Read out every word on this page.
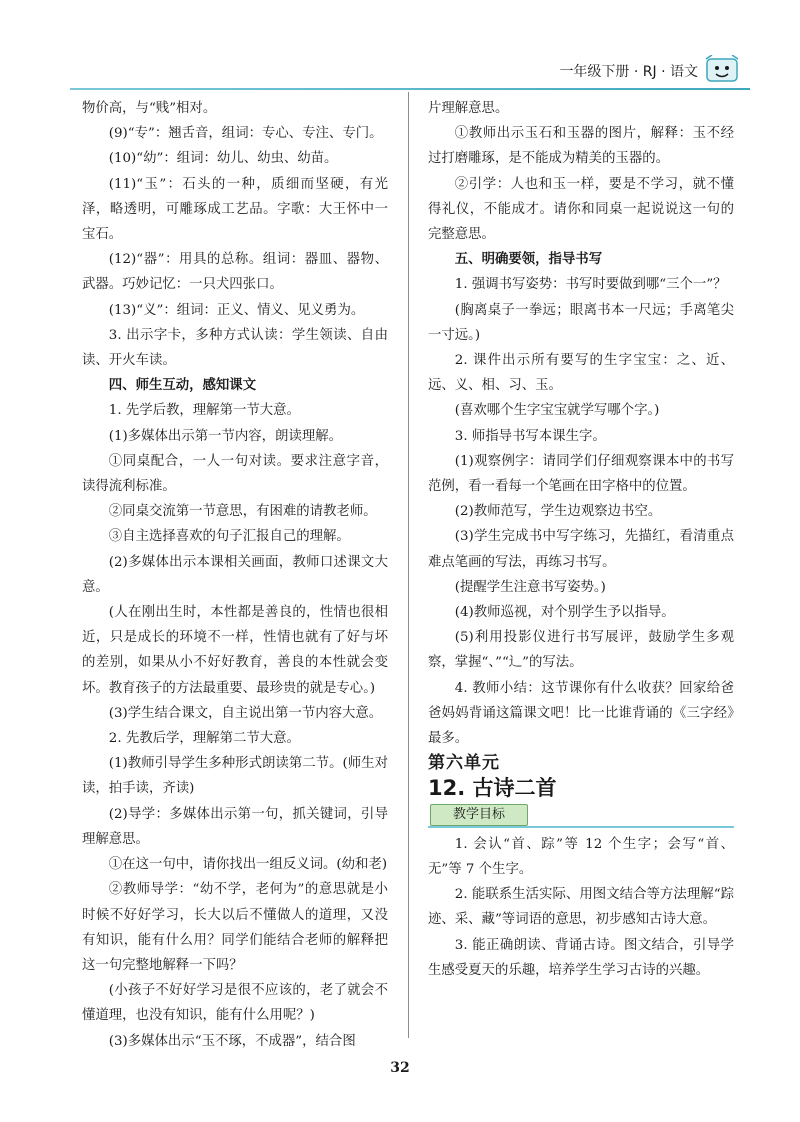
一年级下册 · RJ · 语文

物价高，与“贱”相对。

(9)“专”：翘舌音，组词：专心、专注、专门。

(10)“幼”：组词：幼儿、幼虫、幼苗。

(11)“玉”：石头的一种，质细而坚硬，有光泽，略透明，可雕琢成工艺品。字歌：大王怀中一宝石。

(12)“器”：用具的总称。组词：器皿、器物、武器。巧妙记忆：一只犬四张口。

(13)“义”：组词：正义、情义、见义勇为。

3. 出示字卡，多种方式认读：学生领读、自由读、开火车读。

四、师生互动，感知课文

1. 先学后教，理解第一节大意。

(1)多媒体出示第一节内容，朗读理解。

①同桌配合，一人一句对读。要求注意字音，读得流利标准。

②同桌交流第一节意思，有困难的请教老师。

③自主选择喜欢的句子汇报自己的理解。

(2)多媒体出示本课相关画面，教师口述课文大意。

(人在刚出生时，本性都是善良的，性情也很相近，只是成长的环境不一样，性情也就有了好与坏的差别，如果从小不好好教育，善良的本性就会变坏。教育孩子的方法最重要、最珍贵的就是专心。)

(3)学生结合课文，自主说出第一节内容大意。

2. 先教后学，理解第二节大意。

(1)教师引导学生多种形式朗读第二节。(师生对读，拍手读，齐读)

(2)导学：多媒体出示第一句，抓关键词，引导理解意思。

①在这一句中，请你找出一组反义词。(幼和老)

②教师导学：“幼不学，老何为”的意思就是小时候不好好学习，长大以后不懂做人的道理，又没有知识，能有什么用？同学们能结合老师的解释把这一句完整地解释一下吗？

(小孩子不好好学习是很不应该的，老了就会不懂道理，也没有知识，能有什么用呢？)

(3)多媒体出示“玉不琢，不成器”，结合图

片理解意思。

①教师出示玉石和玉器的图片，解释：玉不经过打磨雕琢，是不能成为精美的玉器的。

②引学：人也和玉一样，要是不学习，就不懂得礼仪，不能成才。请你和同桌一起说说这一句的完整意思。

五、明确要领，指导书写

1. 强调书写姿势：书写时要做到哪“三个一”？

(胸离桌子一拳远；眼离书本一尺远；手离笔尖一寸远。)

2. 课件出示所有要写的生字宝宝：之、近、远、义、相、习、玉。

(喜欢哪个生字宝宝就学写哪个字。)

3. 师指导书写本课生字。

(1)观察例字：请同学们仔细观察课本中的书写范例，看一看每一个笔画在田字格中的位置。

(2)教师范写，学生边观察边书空。

(3)学生完成书中写字练习，先描红，看清重点难点笔画的写法，再练习书写。

(提醒学生注意书写姿势。)

(4)教师巡视，对个别学生予以指导。

(5)利用投影仪进行书写展评，鼓励学生多观察，掌握“、”“辶”的写法。

4. 教师小结：这节课你有什么收获？回家给爸爸妈妈背诵这篇课文吧！比一比谁背诵的《三字经》最多。

第六单元

12. 古诗二首

教学目标

1. 会认“首、踪”等 12 个生字；会写“首、无”等 7 个生字。

2. 能联系生活实际、用图文结合等方法理解“踪迹、采、藏”等词语的意思，初步感知古诗大意。

3. 能正确朗读、背诵古诗。图文结合，引导学生感受夏天的乐趣，培养学生学习古诗的兴趣。

32
